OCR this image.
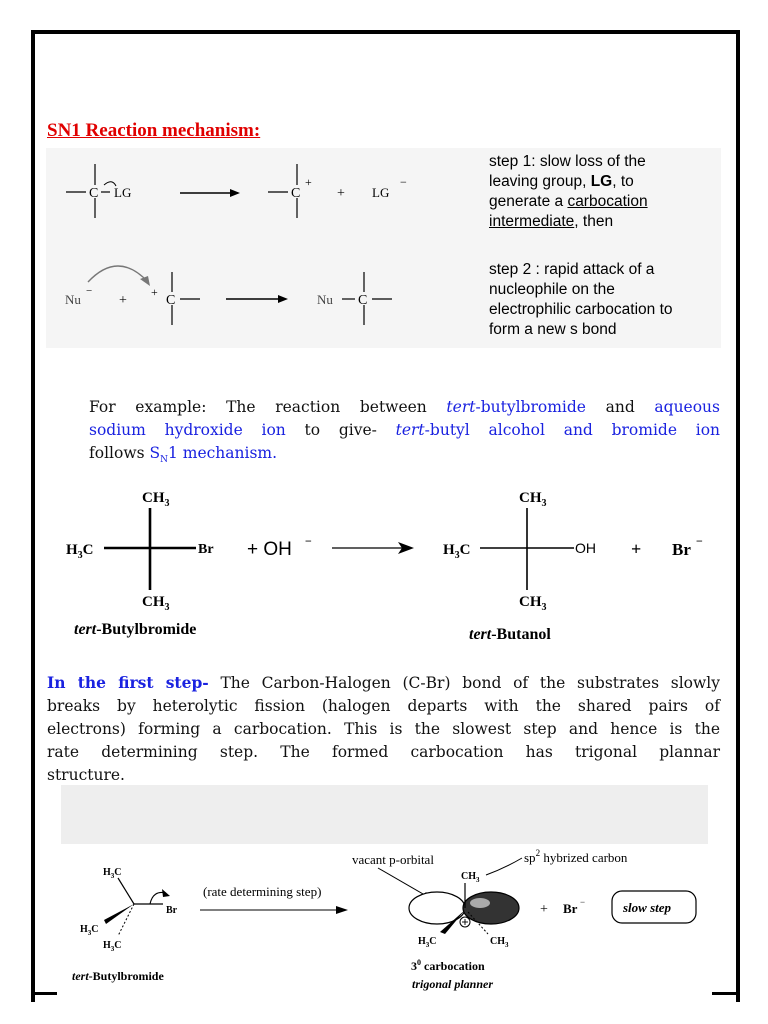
SN1 Reaction mechanism:
C LG	C
+
+ LG
−
Nu
−
+
+
C	Nu C
step 1: slow loss of the
leaving group, LG, to
generate a carbocation
intermediate, then
step 2 : rapid attack of a
nucleophile on the
electrophilic carbocation to
form a new s bond
For example: The reaction between tert-butylbromide and aqueous
sodium hydroxide ion to give- tert-butyl alcohol and bromide ion
follows $S_N1$ mechanism.
$CH_3$
$CH_3$
$H_3C$	Br + OH −
$CH_3$
$CH_3$
$H_3C$	OH + Br −
tert-Butylbromide	tert-Butanol
In the first step- The Carbon-Halogen (C-Br) bond of the substrates slowly
breaks by heterolytic fission (halogen departs with the shared pairs of
electrons) forming a carbocation. This is the slowest step and hence is the
rate determining step. The formed carbocation has trigonal plannar
structure.
$H_3C$
$H_3C$
$H_3C$
Br
(rate determining step)
vacant p-orbital	$sp^2$ hybrized carbon
$CH_3$
$H_3C$	$CH_3$
+ Br −	slow step
tert-Butylbromide
$3^0$ carbocation
trigonal planner
